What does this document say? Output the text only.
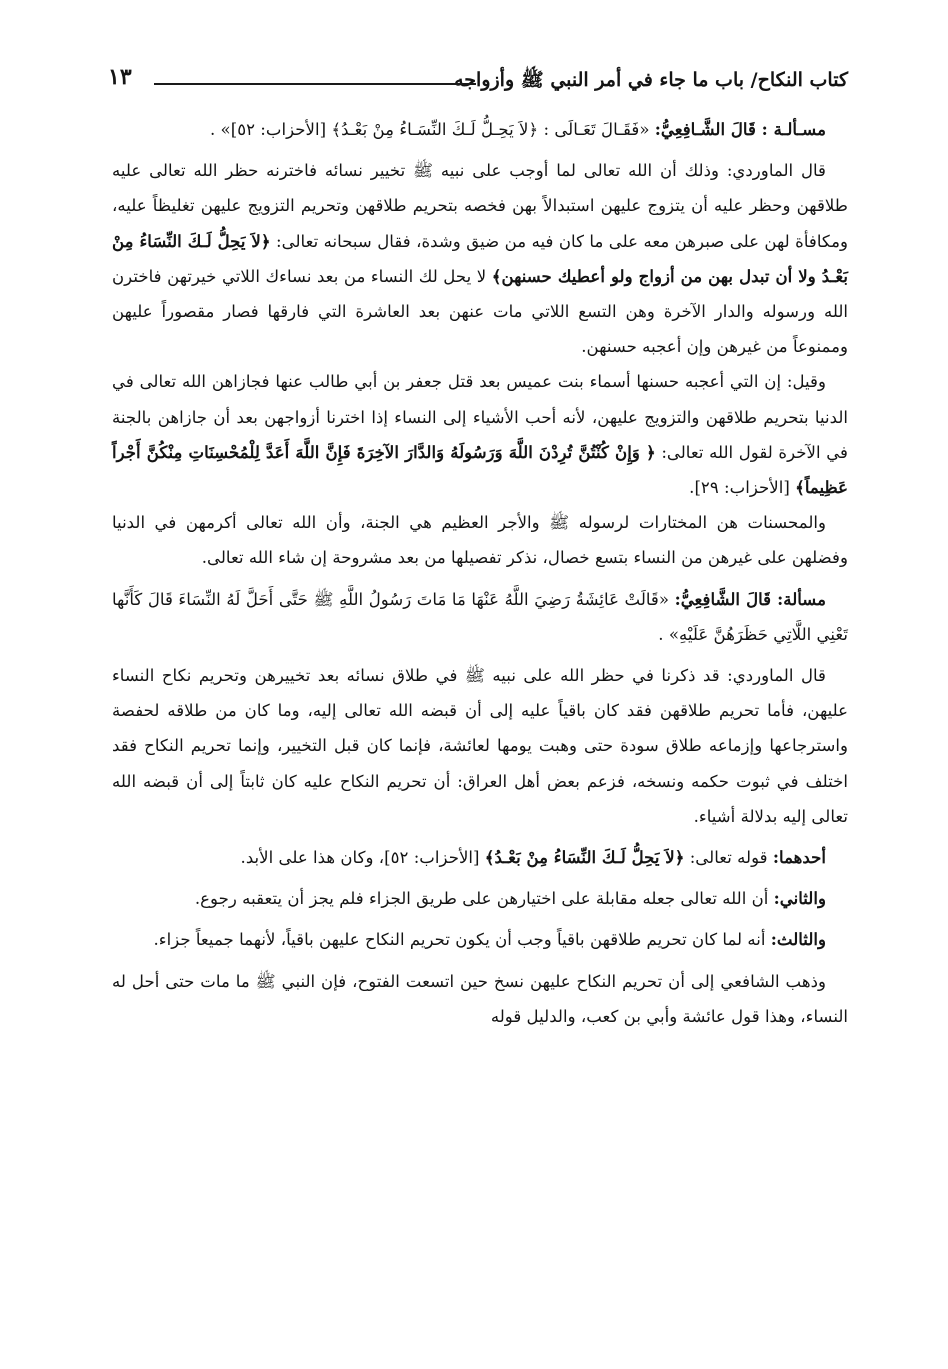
كتاب النكاح/ باب ما جاء في أمر النبي ﷺ وأزواجه
١٣

مسـألـة : قَالَ الشَّـافِعِيُّ: «فَقَـالَ تَعَـالَى : ﴿لاَ يَحِـلُّ لَـكَ النِّسَـاءُ مِنْ بَعْـدُ﴾ [الأحزاب: ٥٢]» .

قال الماوردي: وذلك أن الله تعالى لما أوجب على نبيه ﷺ تخيير نسائه فاخترنه حظر الله تعالى عليه طلاقهن وحظر عليه أن يتزوج عليهن استبدالاً بهن فخصه بتحريم طلاقهن وتحريم التزويج عليهن تغليظاً عليه، ومكافأة لهن على صبرهن معه على ما كان فيه من ضيق وشدة، فقال سبحانه تعالى: ﴿لاَ يَحِلُّ لَـكَ النِّسَاءُ مِنْ بَعْـدُ ولا أن تبدل بهن من أزواج ولو أعطيك حسنهن﴾ لا يحل لك النساء من بعد نساءك اللاتي خيرتهن فاخترن الله ورسوله والدار الآخرة وهن التسع اللاتي مات عنهن بعد العاشرة التي فارقها فصار مقصوراً عليهن وممنوعاً من غيرهن وإن أعجبه حسنهن.

وقيل: إن التي أعجبه حسنها أسماء بنت عميس بعد قتل جعفر بن أبي طالب عنها فجازاهن الله تعالى في الدنيا بتحريم طلاقهن والتزويج عليهن، لأنه أحب الأشياء إلى النساء إذا اخترنا أزواجهن بعد أن جازاهن بالجنة في الآخرة لقول الله تعالى: ﴿ وَإِنْ كُنْتُنَّ تُرِدْنَ اللَّهَ وَرَسُولَهُ وَالدَّارَ الآخِرَةَ فَإِنَّ اللَّهَ أَعَدَّ لِلْمُحْسِنَاتِ مِنْكُنَّ أَجْراً عَظِيماً﴾ [الأحزاب: ٢٩].

والمحسنات هن المختارات لرسوله ﷺ والأجر العظيم هي الجنة، وأن الله تعالى أكرمهن في الدنيا وفضلهن على غيرهن من النساء بتسع خصال، نذكر تفصيلها من بعد مشروحة إن شاء الله تعالى.

مسألة: قَالَ الشَّافِعِيُّ: «قَالَتْ عَائِشَةُ رَضِيَ اللَّهُ عَنْهَا مَا مَاتَ رَسُولُ اللَّهِ ﷺ حَتَّى أَحَلَّ لَهُ النِّسَاءَ قَالَ كَأَنَّها تَعْنِي اللَّاتِي حَظَرَهُنَّ عَلَيْهِ» .

قال الماوردي: قد ذكرنا في حظر الله على نبيه ﷺ في طلاق نسائه بعد تخييرهن وتحريم نكاح النساء عليهن، فأما تحريم طلاقهن فقد كان باقياً عليه إلى أن قبضه الله تعالى إليه، وما كان من طلاقه لحفصة واسترجاعها وإزماعه طلاق سودة حتى وهبت يومها لعائشة، فإنما كان قبل التخيير، وإنما تحريم النكاح فقد اختلف في ثبوت حكمه ونسخه، فزعم بعض أهل العراق: أن تحريم النكاح عليه كان ثابتاً إلى أن قبضه الله تعالى إليه بدلالة أشياء.

أحدهما: قوله تعالى: ﴿لاَ يَحِلُّ لَـكَ النِّسَاءُ مِنْ بَعْـدُ﴾ [الأحزاب: ٥٢]، وكان هذا على الأبد.

والثاني: أن الله تعالى جعله مقابلة على اختيارهن على طريق الجزاء فلم يجز أن يتعقبه رجوع.

والثالث: أنه لما كان تحريم طلاقهن باقياً وجب أن يكون تحريم النكاح عليهن باقياً، لأنهما جميعاً جزاء.

وذهب الشافعي إلى أن تحريم النكاح عليهن نسخ حين اتسعت الفتوح، فإن النبي ﷺ ما مات حتى أحل له النساء، وهذا قول عائشة وأبي بن كعب، والدليل قوله
